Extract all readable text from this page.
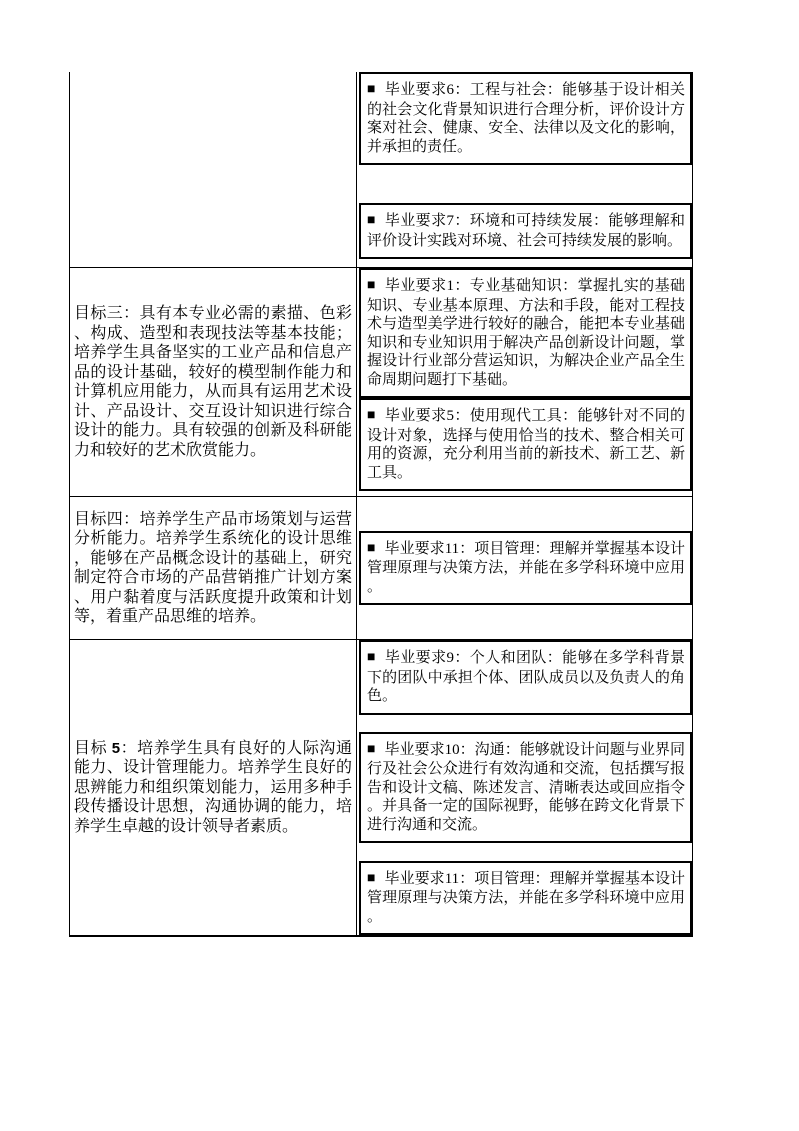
■ 毕业要求6：工程与社会：能够基于设计相关的社会文化背景知识进行合理分析，评价设计方案对社会、健康、安全、法律以及文化的影响，并承担的责任。
■ 毕业要求7：环境和可持续发展：能够理解和评价设计实践对环境、社会可持续发展的影响。
目标三：具有本专业必需的素描、色彩、构成、造型和表现技法等基本技能；培养学生具备坚实的工业产品和信息产品的设计基础，较好的模型制作能力和计算机应用能力，从而具有运用艺术设计、产品设计、交互设计知识进行综合设计的能力。具有较强的创新及科研能力和较好的艺术欣赏能力。
■ 毕业要求1：专业基础知识：掌握扎实的基础知识、专业基本原理、方法和手段，能对工程技术与造型美学进行较好的融合，能把本专业基础知识和专业知识用于解决产品创新设计问题，掌握设计行业部分营运知识，为解决企业产品全生命周期问题打下基础。
■ 毕业要求5：使用现代工具：能够针对不同的设计对象，选择与使用恰当的技术、整合相关可用的资源，充分利用当前的新技术、新工艺、新工具。
目标四：培养学生产品市场策划与运营分析能力。培养学生系统化的设计思维，能够在产品概念设计的基础上，研究制定符合市场的产品营销推广计划方案、用户黏着度与活跃度提升政策和计划等，着重产品思维的培养。
■ 毕业要求11：项目管理：理解并掌握基本设计管理原理与决策方法，并能在多学科环境中应用。
目标 5：培养学生具有良好的人际沟通能力、设计管理能力。培养学生良好的思辨能力和组织策划能力，运用多种手段传播设计思想，沟通协调的能力，培养学生卓越的设计领导者素质。
■ 毕业要求9：个人和团队：能够在多学科背景下的团队中承担个体、团队成员以及负责人的角色。
■ 毕业要求10：沟通：能够就设计问题与业界同行及社会公众进行有效沟通和交流，包括撰写报告和设计文稿、陈述发言、清晰表达或回应指令。并具备一定的国际视野，能够在跨文化背景下进行沟通和交流。
■ 毕业要求11：项目管理：理解并掌握基本设计管理原理与决策方法，并能在多学科环境中应用。
